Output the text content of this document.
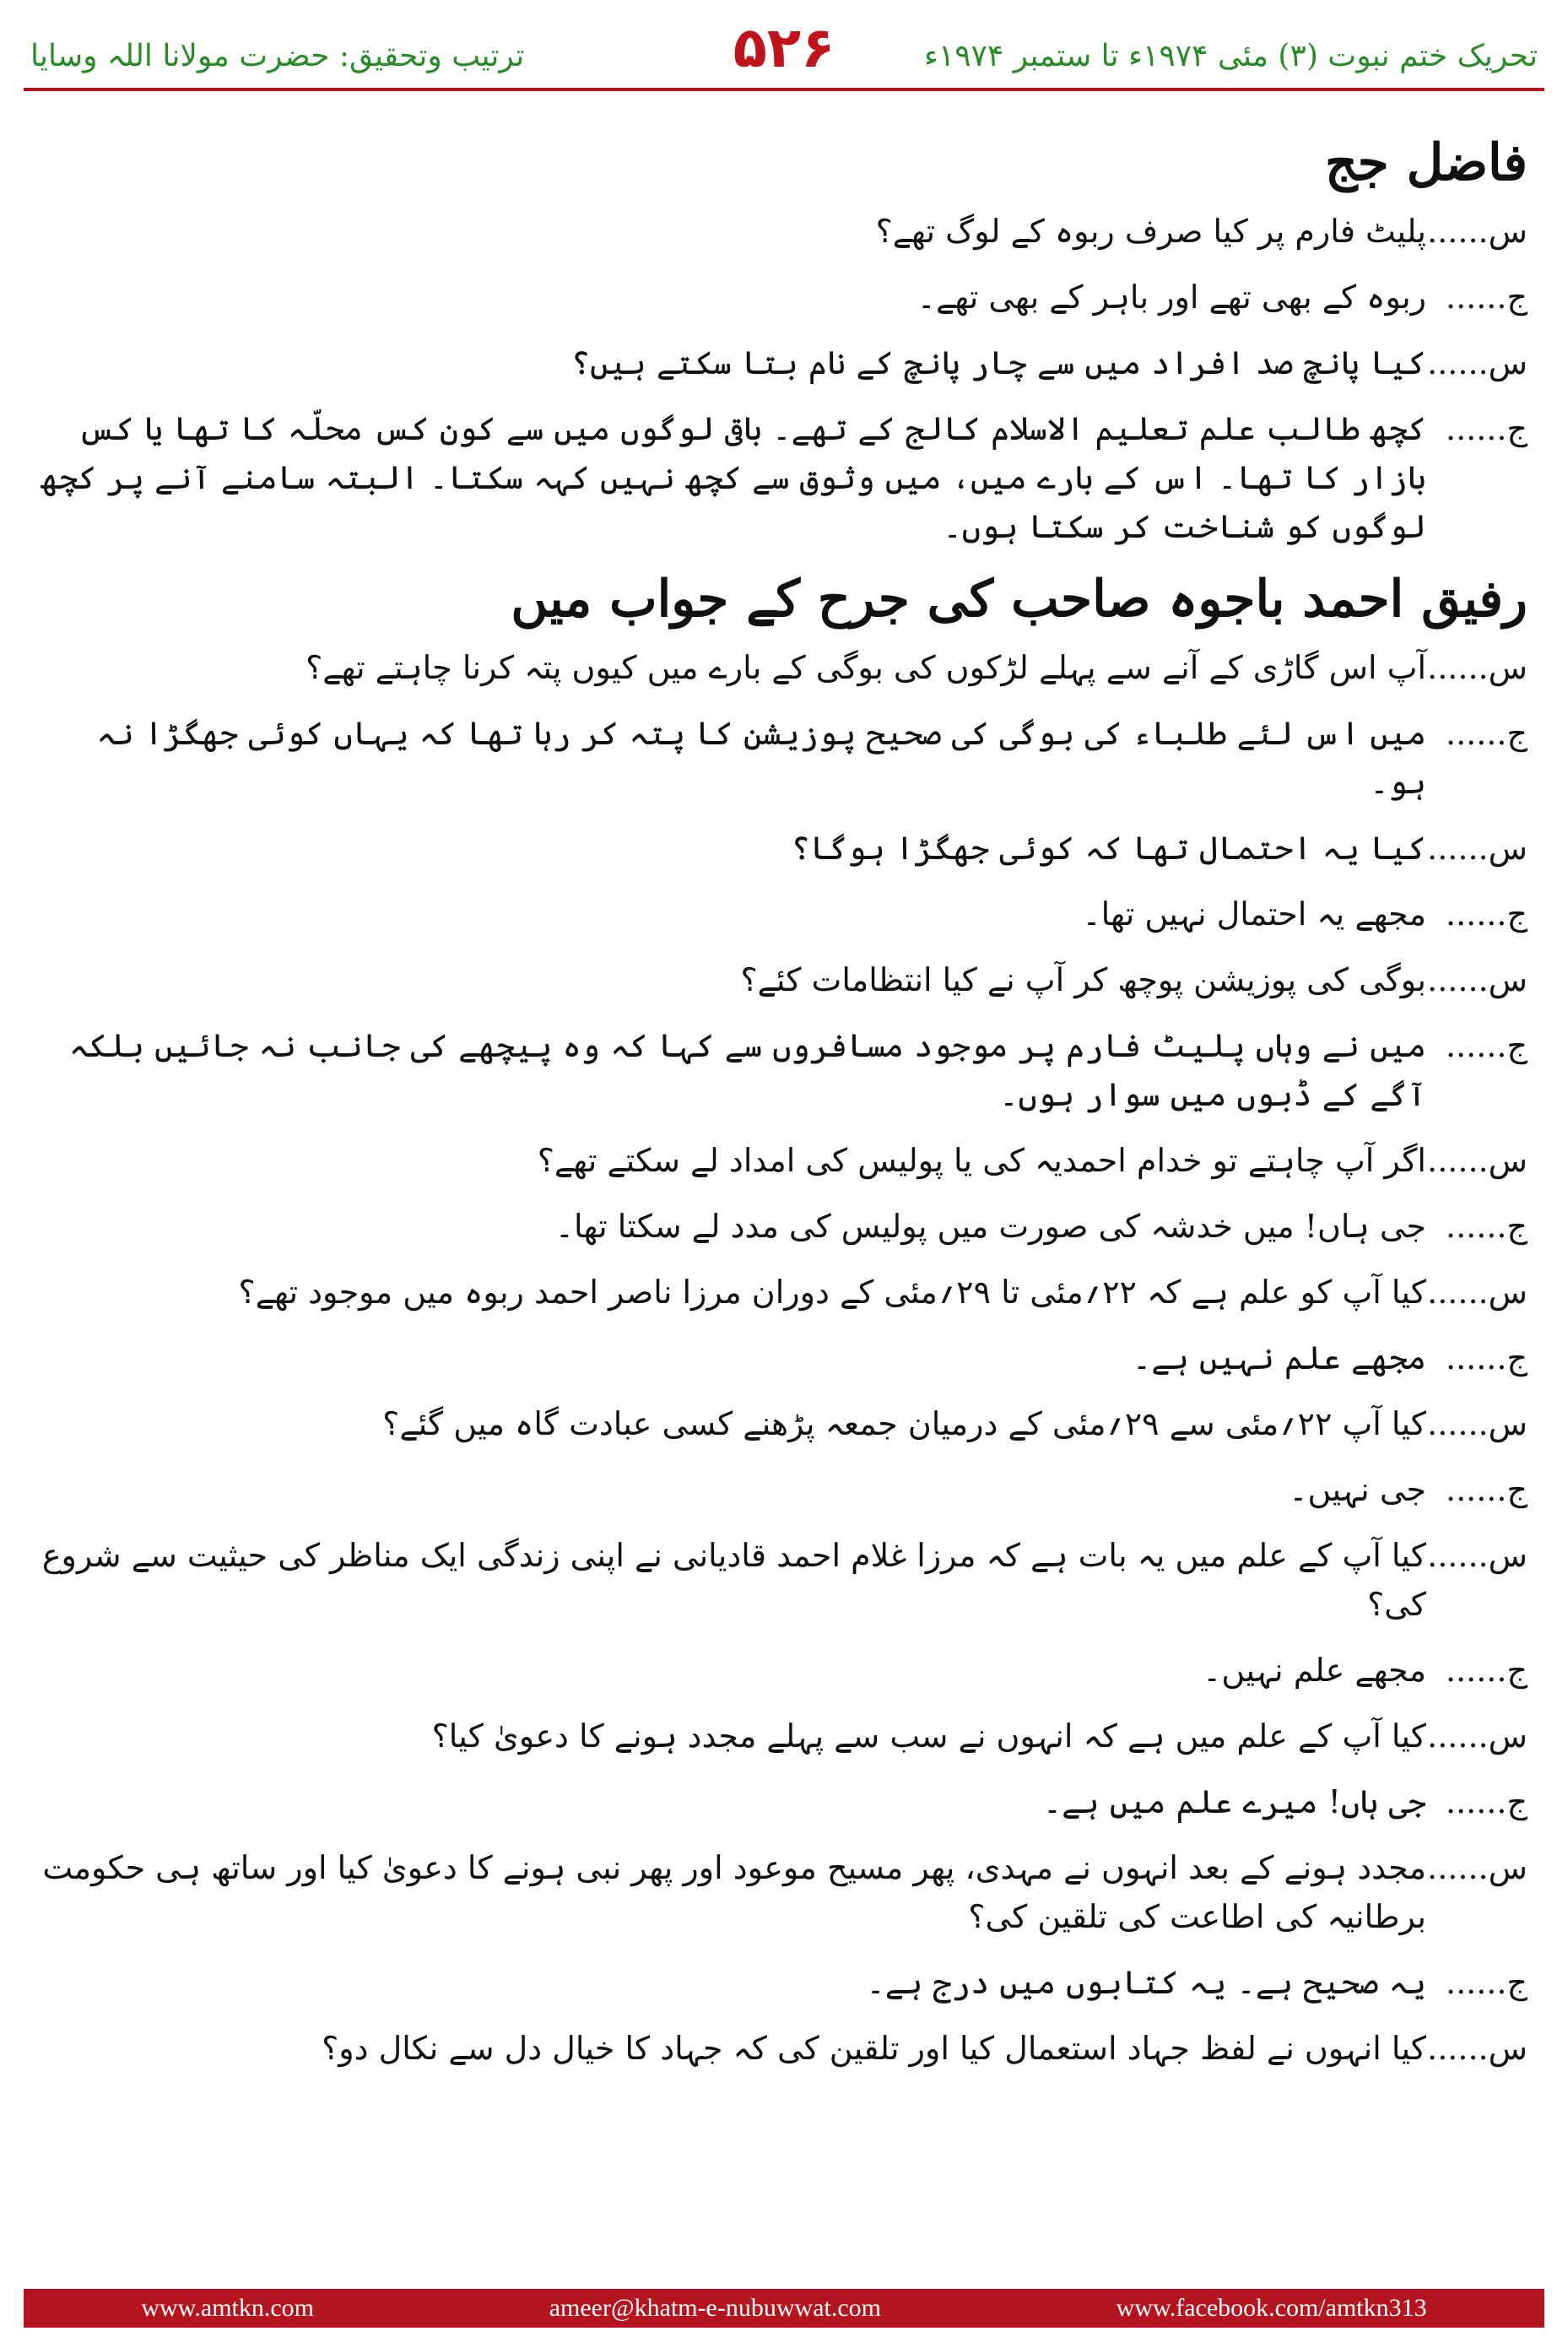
ترتیب وتحقیق: حضرت مولانا اللہ وسایا	۵۲۶	تحریک ختم نبوت (۳) مئی ۱۹۷۴ء تا ستمبر ۱۹۷۴ء
فاضل جج
س......
پلیٹ فارم پر کیا صرف ربوہ کے لوگ تھے؟
ج......
ربوہ کے بھی تھے اور باہر کے بھی تھے۔
س......
کیا پانچ صد افراد میں سے چار پانچ کے نام بتا سکتے ہیں؟
ج......
کچھ طالب علم تعلیم الاسلام کالج کے تھے۔ باقی لوگوں میں سے کون کس محلّہ کا تھا یا کس بازار کا تھا۔ اس کے بارے میں، میں وثوق سے کچھ نہیں کہہ سکتا۔ البتہ سامنے آنے پر کچھ لوگوں کو شناخت کر سکتا ہوں۔
رفیق احمد باجوہ صاحب کی جرح کے جواب میں
س......
آپ اس گاڑی کے آنے سے پہلے لڑکوں کی بوگی کے بارے میں کیوں پتہ کرنا چاہتے تھے؟
ج......
میں اس لئے طلباء کی بوگی کی صحیح پوزیشن کا پتہ کر رہا تھا کہ یہاں کوئی جھگڑا نہ ہو۔
س......
کیا یہ احتمال تھا کہ کوئی جھگڑا ہوگا؟
ج......
مجھے یہ احتمال نہیں تھا۔
س......
بوگی کی پوزیشن پوچھ کر آپ نے کیا انتظامات کئے؟
ج......
میں نے وہاں پلیٹ فارم پر موجود مسافروں سے کہا کہ وہ پیچھے کی جانب نہ جائیں بلکہ آگے کے ڈبوں میں سوار ہوں۔
س......
اگر آپ چاہتے تو خدام احمدیہ کی یا پولیس کی امداد لے سکتے تھے؟
ج......
جی ہاں! میں خدشہ کی صورت میں پولیس کی مدد لے سکتا تھا۔
س......
کیا آپ کو علم ہے کہ ۲۲؍مئی تا ۲۹؍مئی کے دوران مرزا ناصر احمد ربوہ میں موجود تھے؟
ج......
مجھے علم نہیں ہے۔
س......
کیا آپ ۲۲؍مئی سے ۲۹؍مئی کے درمیان جمعہ پڑھنے کسی عبادت گاہ میں گئے؟
ج......
جی نہیں۔
س......
کیا آپ کے علم میں یہ بات ہے کہ مرزا غلام احمد قادیانی نے اپنی زندگی ایک مناظر کی حیثیت سے شروع کی؟
ج......
مجھے علم نہیں۔
س......
کیا آپ کے علم میں ہے کہ انہوں نے سب سے پہلے مجدد ہونے کا دعویٰ کیا؟
ج......
جی ہاں! میرے علم میں ہے۔
س......
مجدد ہونے کے بعد انہوں نے مہدی، پھر مسیح موعود اور پھر نبی ہونے کا دعویٰ کیا اور ساتھ ہی حکومت برطانیہ کی اطاعت کی تلقین کی؟
ج......
یہ صحیح ہے۔ یہ کتابوں میں درج ہے۔
س......
کیا انہوں نے لفظ جہاد استعمال کیا اور تلقین کی کہ جہاد کا خیال دل سے نکال دو؟
www.amtkn.com	ameer@khatm-e-nubuwwat.com	www.facebook.com/amtkn313
